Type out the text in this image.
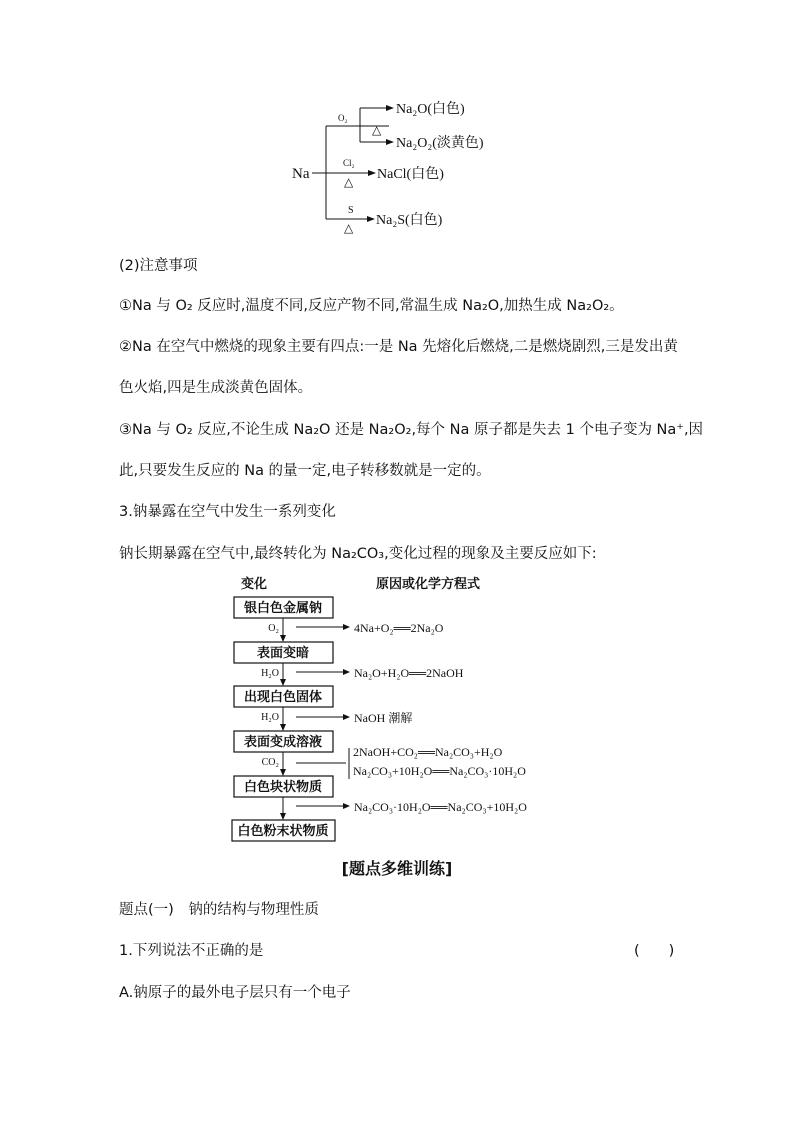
Na
O₂
△
Na₂O(白色)
Na₂O₂(淡黄色)
Cl₂
△ NaCl(白色)
S
△ Na₂S(白色)
(2)注意事项
①Na 与 O₂ 反应时,温度不同,反应产物不同,常温生成 Na₂O,加热生成 Na₂O₂。
②Na 在空气中燃烧的现象主要有四点:一是 Na 先熔化后燃烧,二是燃烧剧烈,三是发出黄
色火焰,四是生成淡黄色固体。
③Na 与 O₂ 反应,不论生成 Na₂O 还是 Na₂O₂,每个 Na 原子都是失去 1 个电子变为 Na⁺,因
此,只要发生反应的 Na 的量一定,电子转移数就是一定的。
3.钠暴露在空气中发生一系列变化
钠长期暴露在空气中,最终转化为 Na₂CO₃,变化过程的现象及主要反应如下:
变化	原因或化学方程式
银白色金属钠
表面变暗
出现白色固体
表面变成溶液
白色块状物质
白色粉末状物质
O₂
H₂O
H₂O
CO₂
4Na+O₂══2Na₂O
Na₂O+H₂O══2NaOH
NaOH 潮解
2NaOH+CO₂══Na₂CO₃+H₂O
Na₂CO₃+10H₂O══Na₂CO₃·10H₂O
Na₂CO₃·10H₂O══Na₂CO₃+10H₂O
[题点多维训练]
题点(一)　钠的结构与物理性质
1.下列说法不正确的是	(　　)
A.钠原子的最外电子层只有一个电子
